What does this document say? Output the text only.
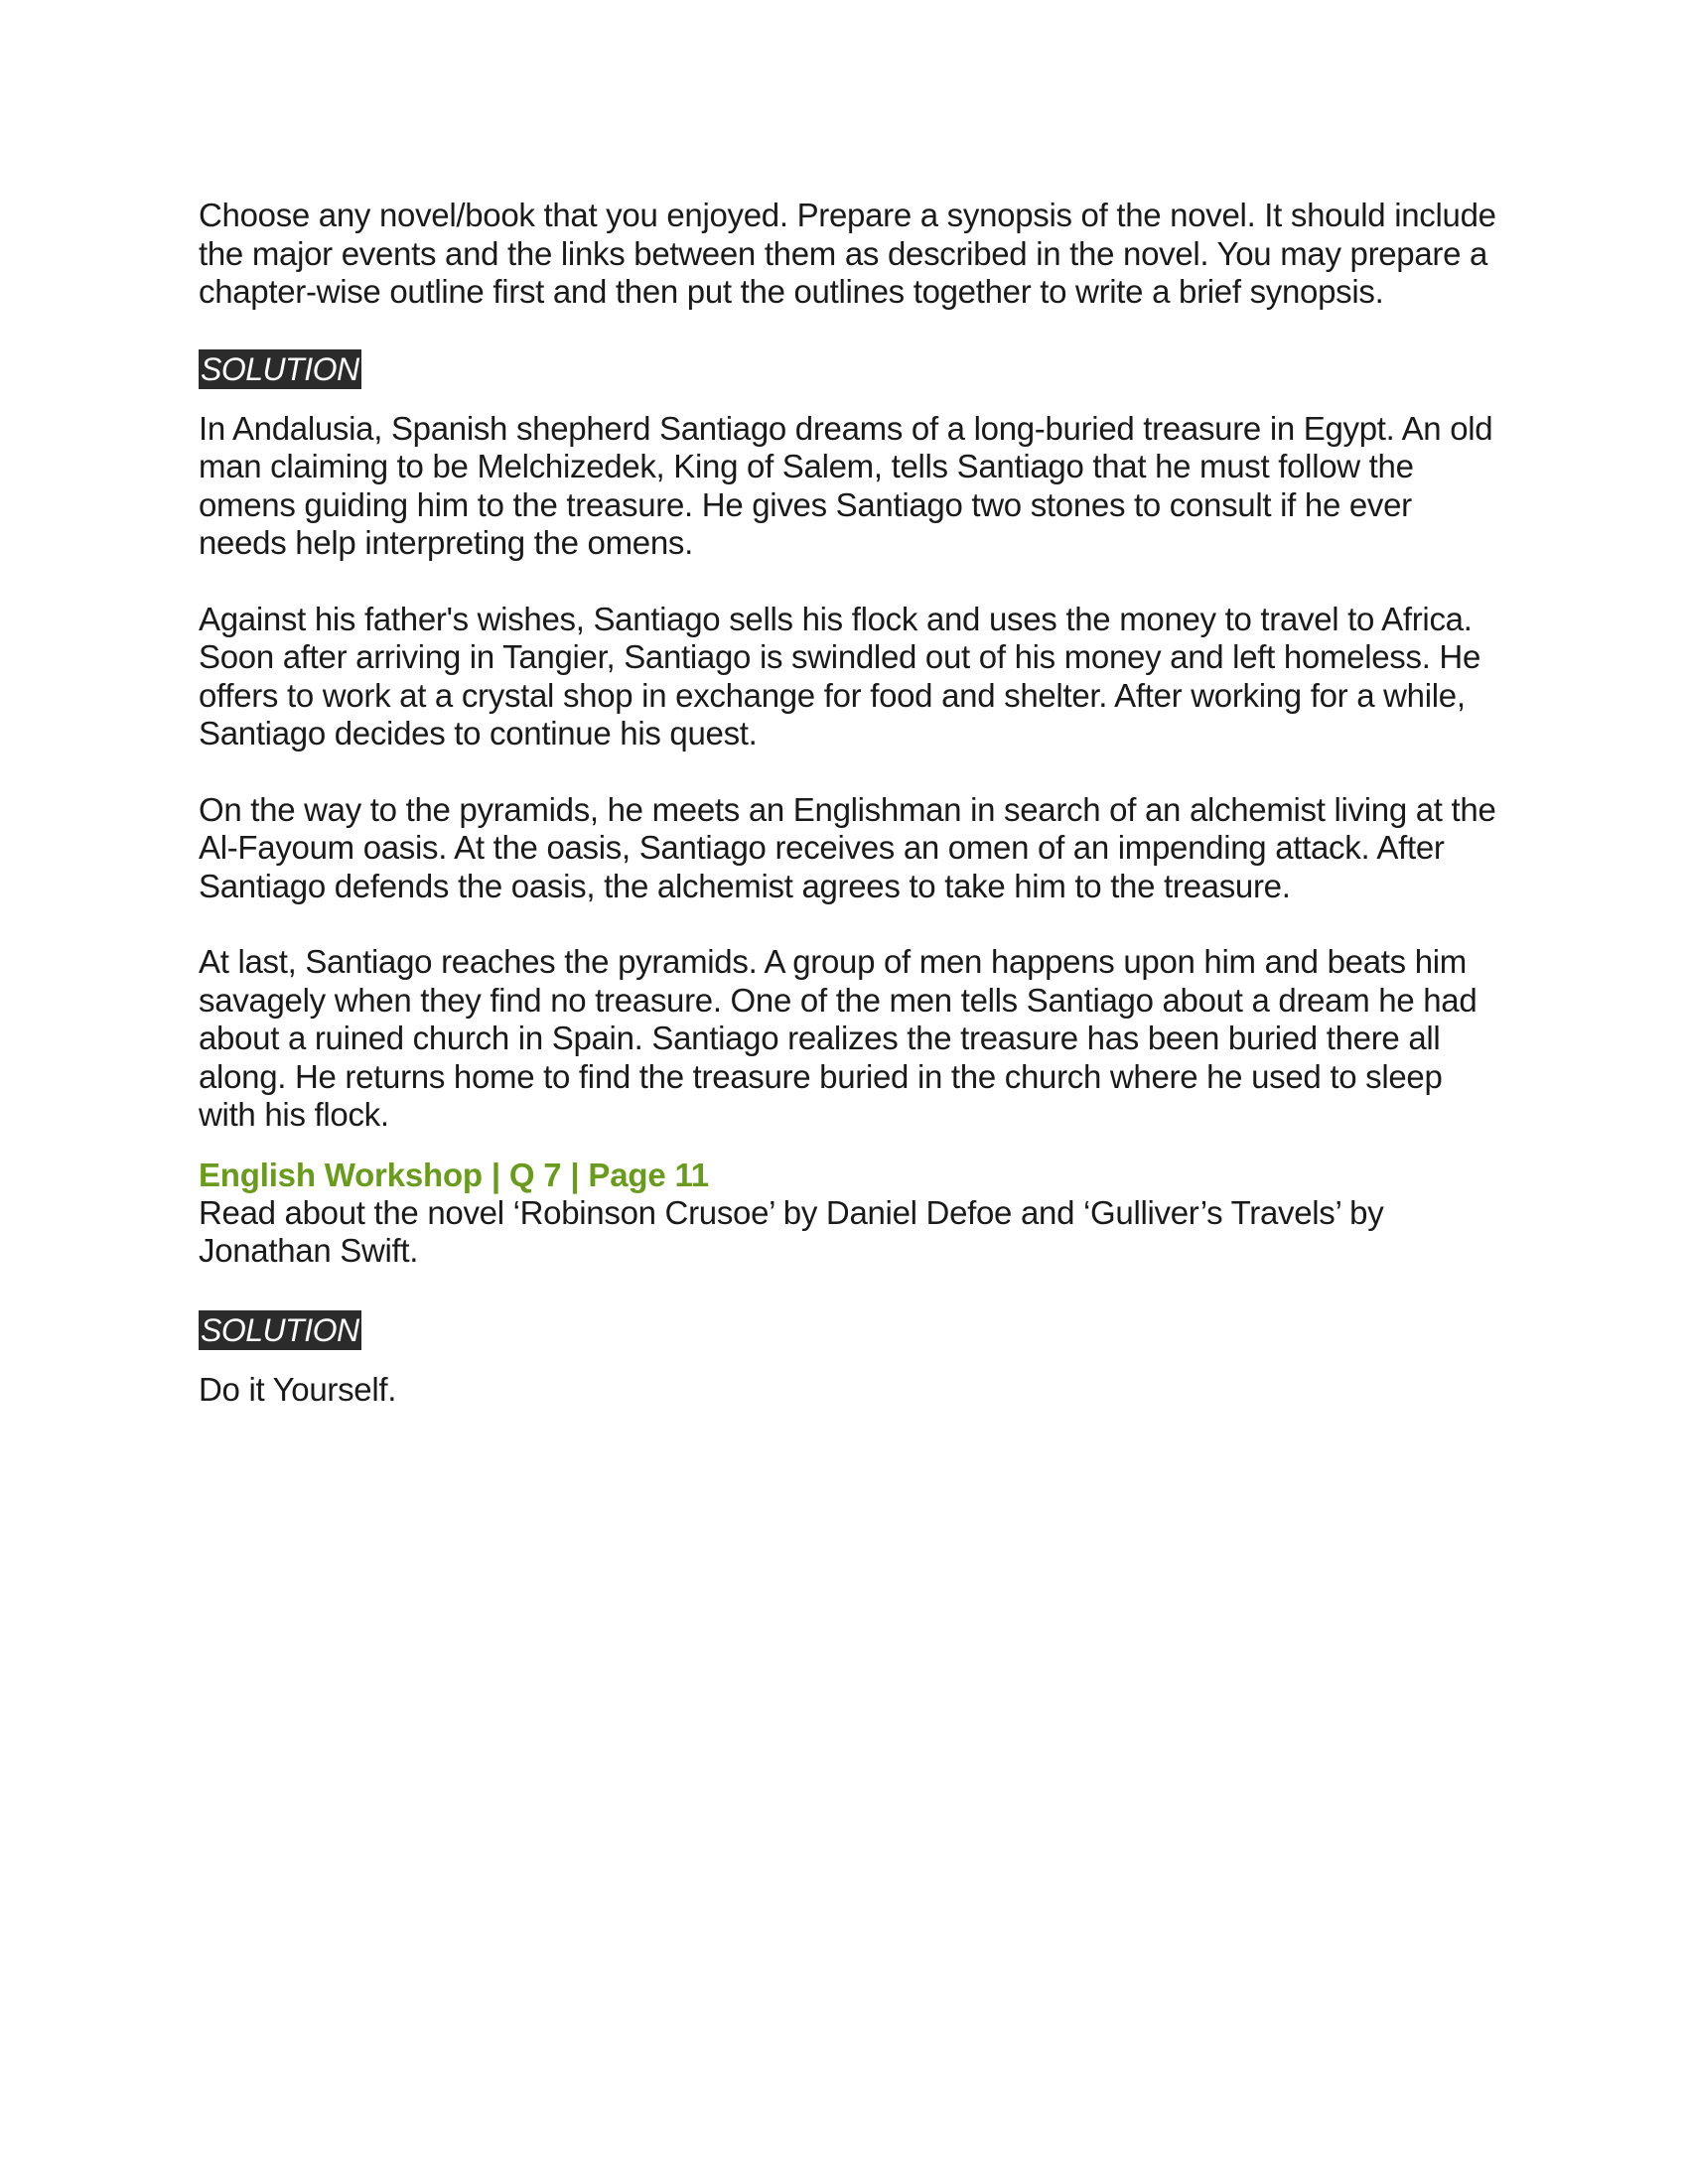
Choose any novel/book that you enjoyed. Prepare a synopsis of the novel. It should include the major events and the links between them as described in the novel. You may prepare a chapter-wise outline first and then put the outlines together to write a brief synopsis.

SOLUTION

In Andalusia, Spanish shepherd Santiago dreams of a long-buried treasure in Egypt. An old man claiming to be Melchizedek, King of Salem, tells Santiago that he must follow the omens guiding him to the treasure. He gives Santiago two stones to consult if he ever needs help interpreting the omens.

Against his father's wishes, Santiago sells his flock and uses the money to travel to Africa. Soon after arriving in Tangier, Santiago is swindled out of his money and left homeless. He offers to work at a crystal shop in exchange for food and shelter. After working for a while, Santiago decides to continue his quest.

On the way to the pyramids, he meets an Englishman in search of an alchemist living at the Al-Fayoum oasis. At the oasis, Santiago receives an omen of an impending attack. After Santiago defends the oasis, the alchemist agrees to take him to the treasure.

At last, Santiago reaches the pyramids. A group of men happens upon him and beats him savagely when they find no treasure. One of the men tells Santiago about a dream he had about a ruined church in Spain. Santiago realizes the treasure has been buried there all along. He returns home to find the treasure buried in the church where he used to sleep with his flock.

English Workshop | Q 7 | Page 11

Read about the novel ‘Robinson Crusoe’ by Daniel Defoe and ‘Gulliver’s Travels’ by Jonathan Swift.

SOLUTION

Do it Yourself.
